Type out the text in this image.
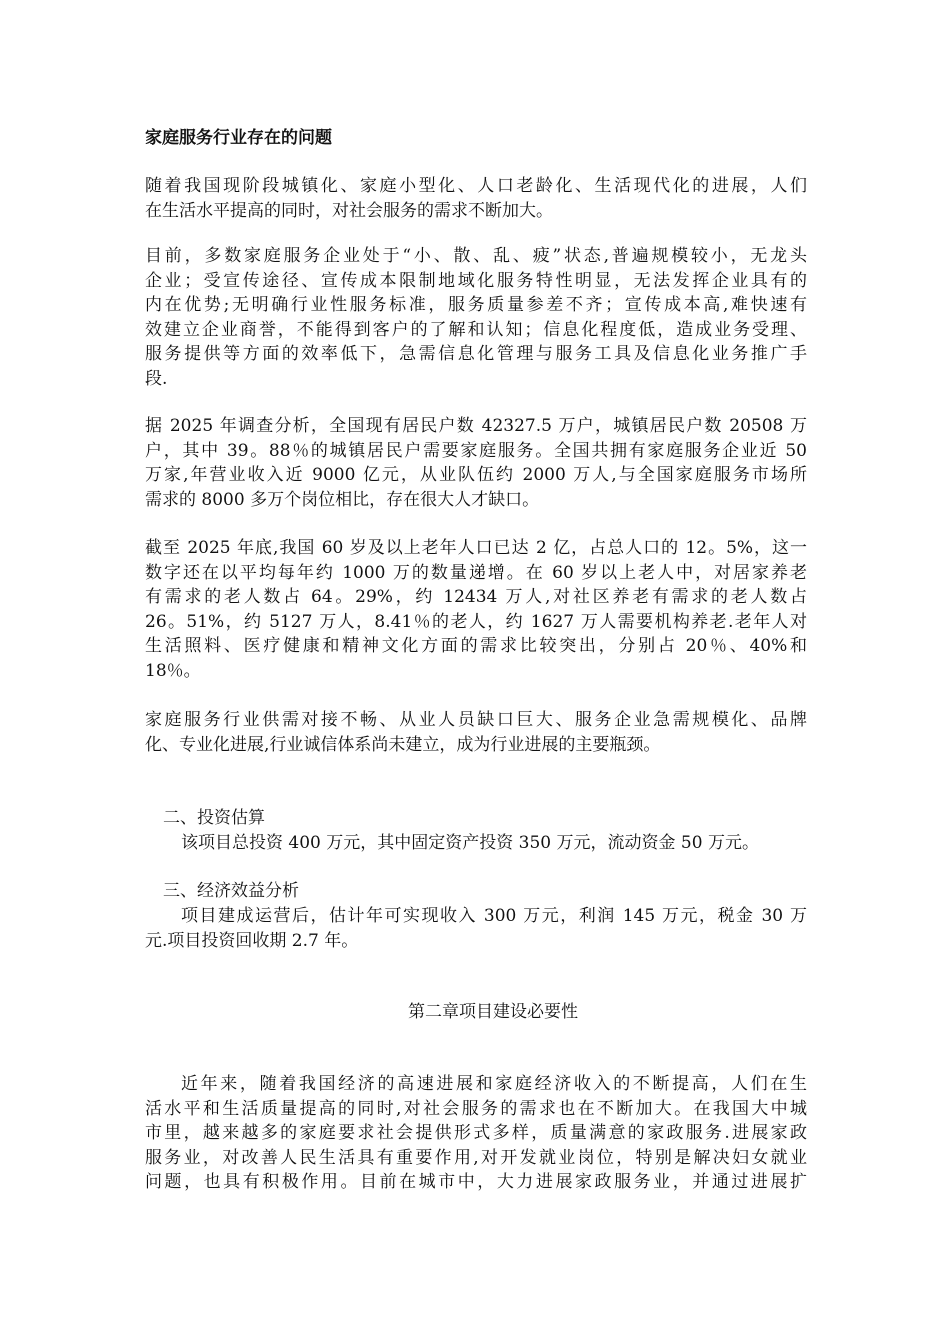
家庭服务行业存在的问题
随着我国现阶段城镇化、家庭小型化、人口老龄化、生活现代化的进展，人们
在生活水平提高的同时，对社会服务的需求不断加大。
目前，多数家庭服务企业处于“小、散、乱、疲”状态,普遍规模较小，无龙头
企业；受宣传途径、宣传成本限制地域化服务特性明显，无法发挥企业具有的
内在优势;无明确行业性服务标准，服务质量参差不齐；宣传成本高,难快速有
效建立企业商誉，不能得到客户的了解和认知；信息化程度低，造成业务受理、
服务提供等方面的效率低下，急需信息化管理与服务工具及信息化业务推广手
段.
据 2025 年调查分析，全国现有居民户数 42327.5 万户，城镇居民户数 20508 万
户，其中 39。88％的城镇居民户需要家庭服务。全国共拥有家庭服务企业近 50
万家,年营业收入近 9000 亿元，从业队伍约 2000 万人,与全国家庭服务市场所
需求的 8000 多万个岗位相比，存在很大人才缺口。
截至 2025 年底,我国 60 岁及以上老年人口已达 2 亿，占总人口的 12。5%，这一
数字还在以平均每年约 1000 万的数量递增。在 60 岁以上老人中，对居家养老
有需求的老人数占 64。29%，约 12434 万人,对社区养老有需求的老人数占
26。51%，约 5127 万人，8.41％的老人，约 1627 万人需要机构养老.老年人对
生活照料、医疗健康和精神文化方面的需求比较突出，分别占 20％、40%和
18％。
家庭服务行业供需对接不畅、从业人员缺口巨大、服务企业急需规模化、品牌
化、专业化进展,行业诚信体系尚未建立，成为行业进展的主要瓶颈。
二、投资估算
该项目总投资 400 万元，其中固定资产投资 350 万元，流动资金 50 万元。
三、经济效益分析
项目建成运营后，估计年可实现收入 300 万元，利润 145 万元，税金 30 万
元.项目投资回收期 2.7 年。
第二章项目建设必要性
近年来，随着我国经济的高速进展和家庭经济收入的不断提高，人们在生
活水平和生活质量提高的同时,对社会服务的需求也在不断加大。在我国大中城
市里，越来越多的家庭要求社会提供形式多样，质量满意的家政服务.进展家政
服务业，对改善人民生活具有重要作用,对开发就业岗位，特别是解决妇女就业
问题，也具有积极作用。目前在城市中，大力进展家政服务业，并通过进展扩
